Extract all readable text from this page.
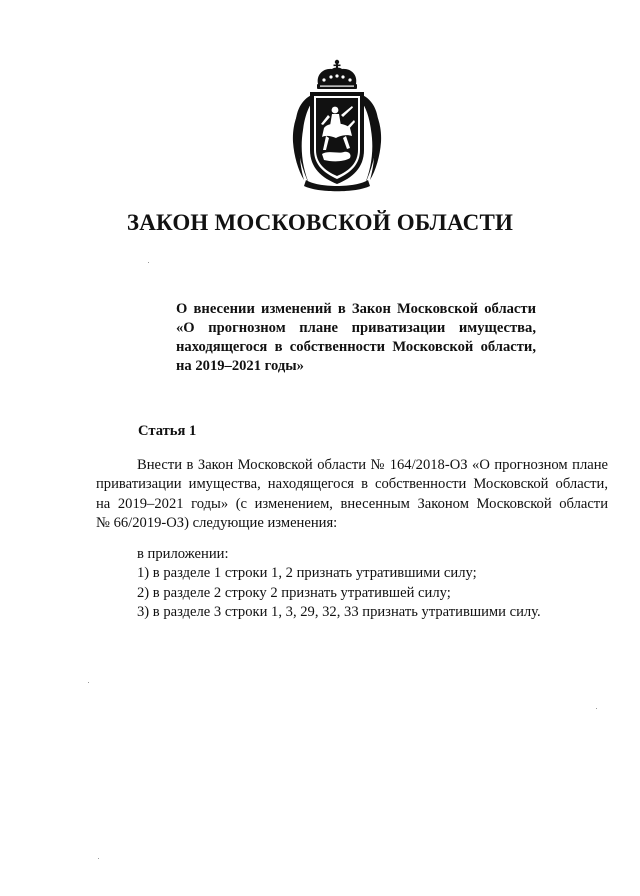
ЗАКОН МОСКОВСКОЙ ОБЛАСТИ
О внесении изменений в Закон Московской области
«О прогнозном плане приватизации имущества,
находящегося в собственности Московской области,
на 2019–2021 годы»
Статья 1
Внести в Закон Московской области № 164/2018-ОЗ «О прогнозном плане
приватизации имущества, находящегося в собственности Московской области,
на 2019–2021 годы» (с изменением, внесенным Законом Московской области
№ 66/2019-ОЗ) следующие изменения:
в приложении:
1) в разделе 1 строки 1, 2 признать утратившими силу;
2) в разделе 2 строку 2 признать утратившей силу;
3) в разделе 3 строки 1, 3, 29, 32, 33 признать утратившими силу.
